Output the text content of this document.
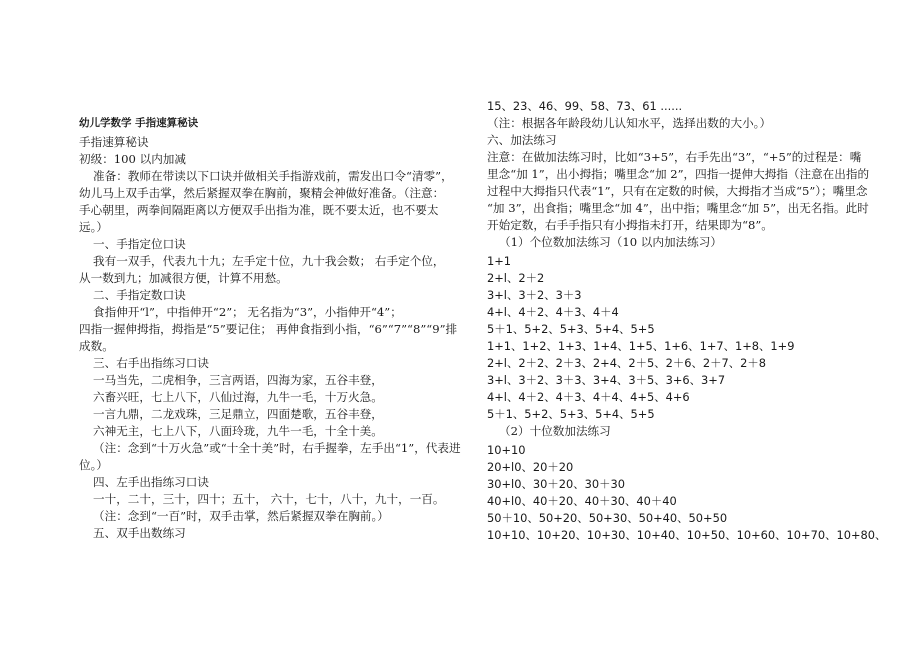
幼儿学数学 手指速算秘诀
手指速算秘诀
初级：100 以内加减
准备：教师在带读以下口诀并做相关手指游戏前，需发出口令“清零”，
幼儿马上双手击掌，然后紧握双拳在胸前，聚精会神做好准备。（注意：
手心朝里，两拳间隔距离以方便双手出指为准，既不要太近，也不要太
远。）
一、手指定位口诀
我有一双手，代表九十九；左手定十位，九十我会数； 右手定个位，
从一数到九；加减很方便，计算不用愁。
二、手指定数口诀
食指伸开“l”，中指伸开“2”； 无名指为“3”，小指伸开“4”；
四指一握伸拇指，拇指是“5”要记住； 再伸食指到小指，“6”“7”“8”“9”排
成数。
三、右手出指练习口诀
一马当先，二虎相争，三言两语，四海为家，五谷丰登，
六畜兴旺，七上八下，八仙过海，九牛一毛，十万火急。
一言九鼎，二龙戏珠，三足鼎立，四面楚歌，五谷丰登，
六神无主，七上八下，八面玲珑，九牛一毛，十全十美。
（注：念到“十万火急”或“十全十美”时，右手握拳，左手出“1”，代表进
位。）
四、左手出指练习口诀
一十，二十，三十，四十；五十， 六十，七十，八十，九十，一百。
（注：念到“一百”时，双手击掌，然后紧握双拳在胸前。）
五、双手出数练习
15、23、46、99、58、73、61 ......
（注：根据各年龄段幼儿认知水平，选择出数的大小。）
六、加法练习
注意：在做加法练习时，比如“3+5”，右手先出“3”，“+5”的过程是：嘴
里念“加 1”，出小拇指；嘴里念“加 2”，四指一提伸大拇指（注意在出指的
过程中大拇指只代表“1”，只有在定数的时候，大拇指才当成“5”）；嘴里念
“加 3”，出食指；嘴里念“加 4”，出中指；嘴里念“加 5”，出无名指。此时
开始定数，右手手指只有小拇指未打开，结果即为“8”。
（1）个位数加法练习（10 以内加法练习）
1+1
2+l、2＋2
3+l、3＋2、3＋3
4+l、4＋2、4＋3、4＋4
5＋1、5+2、5+3、5+4、5+5
1+1、1+2、1+3、1+4、1+5、1+6、1+7、1+8、1+9
2+l、2＋2、2＋3、2+4、2＋5、2＋6、2＋7、2＋8
3+l、3＋2、3＋3、3+4、3＋5、3+6、3+7
4+l、4＋2、4＋3、4＋4、4+5、4+6
5＋1、5+2、5+3、5+4、5+5
（2）十位数加法练习
10+10
20+l0、20＋20
30+l0、30＋20、30＋30
40+l0、40＋20、40＋30、40＋40
50＋10、50+20、50+30、50+40、50+50
10+10、10+20、10+30、10+40、10+50、10+60、10+70、10+80、
